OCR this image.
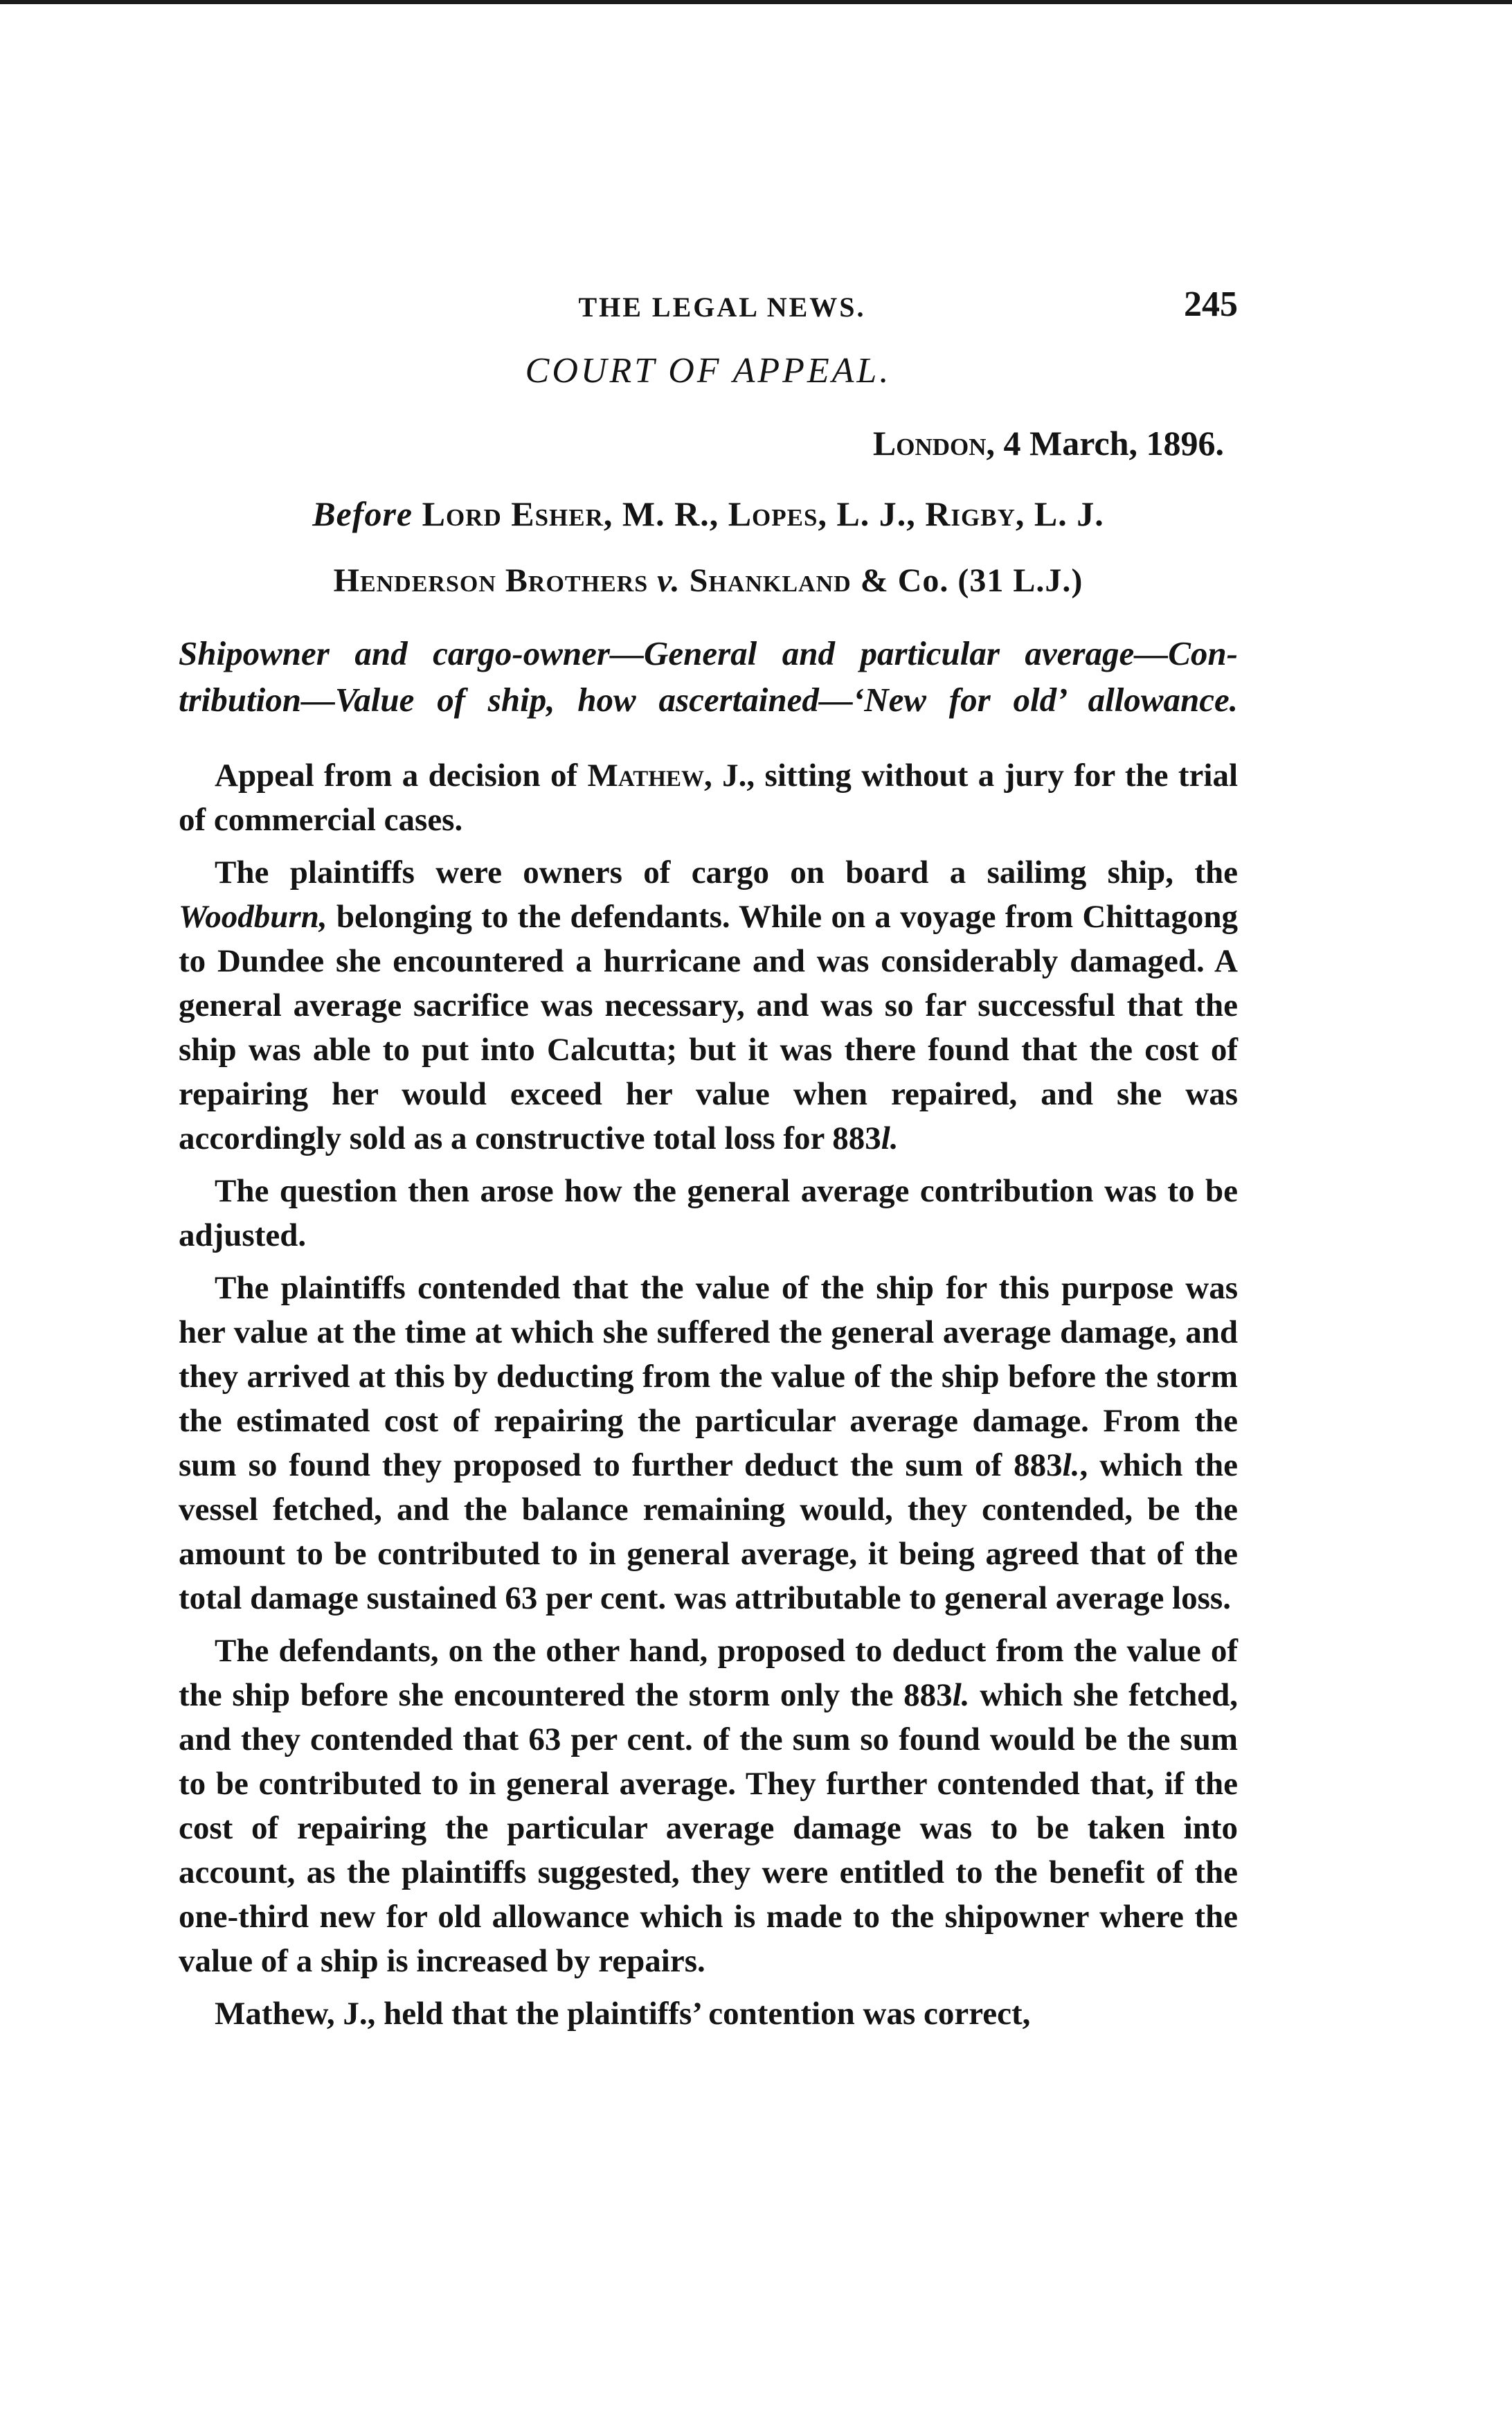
THE LEGAL NEWS.	245
COURT OF APPEAL.
London, 4 March, 1896.
Before Lord Esher, M. R., Lopes, L. J., Rigby, L. J.
Henderson Brothers v. Shankland & Co. (31 L.J.)
Shipowner and cargo-owner—General and particular average—Con-
tribution—Value of ship, how ascertained—‘New for old’ allowance.

Appeal from a decision of Mathew, J., sitting without a jury for the trial of commercial cases.

The plaintiffs were owners of cargo on board a sailimg ship, the Woodburn, belonging to the defendants. While on a voyage from Chittagong to Dundee she encountered a hurricane and was considerably damaged. A general average sacrifice was necessary, and was so far successful that the ship was able to put into Calcutta; but it was there found that the cost of repairing her would exceed her value when repaired, and she was accordingly sold as a constructive total loss for 883l.

The question then arose how the general average contribution was to be adjusted.

The plaintiffs contended that the value of the ship for this purpose was her value at the time at which she suffered the general average damage, and they arrived at this by deducting from the value of the ship before the storm the estimated cost of repairing the particular average damage. From the sum so found they proposed to further deduct the sum of 883l., which the vessel fetched, and the balance remaining would, they contended, be the amount to be contributed to in general average, it being agreed that of the total damage sustained 63 per cent. was attributable to general average loss.

The defendants, on the other hand, proposed to deduct from the value of the ship before she encountered the storm only the 883l. which she fetched, and they contended that 63 per cent. of the sum so found would be the sum to be contributed to in general average. They further contended that, if the cost of repairing the particular average damage was to be taken into account, as the plaintiffs suggested, they were entitled to the benefit of the one-third new for old allowance which is made to the shipowner where the value of a ship is increased by repairs.

Mathew, J., held that the plaintiffs’ contention was correct,
